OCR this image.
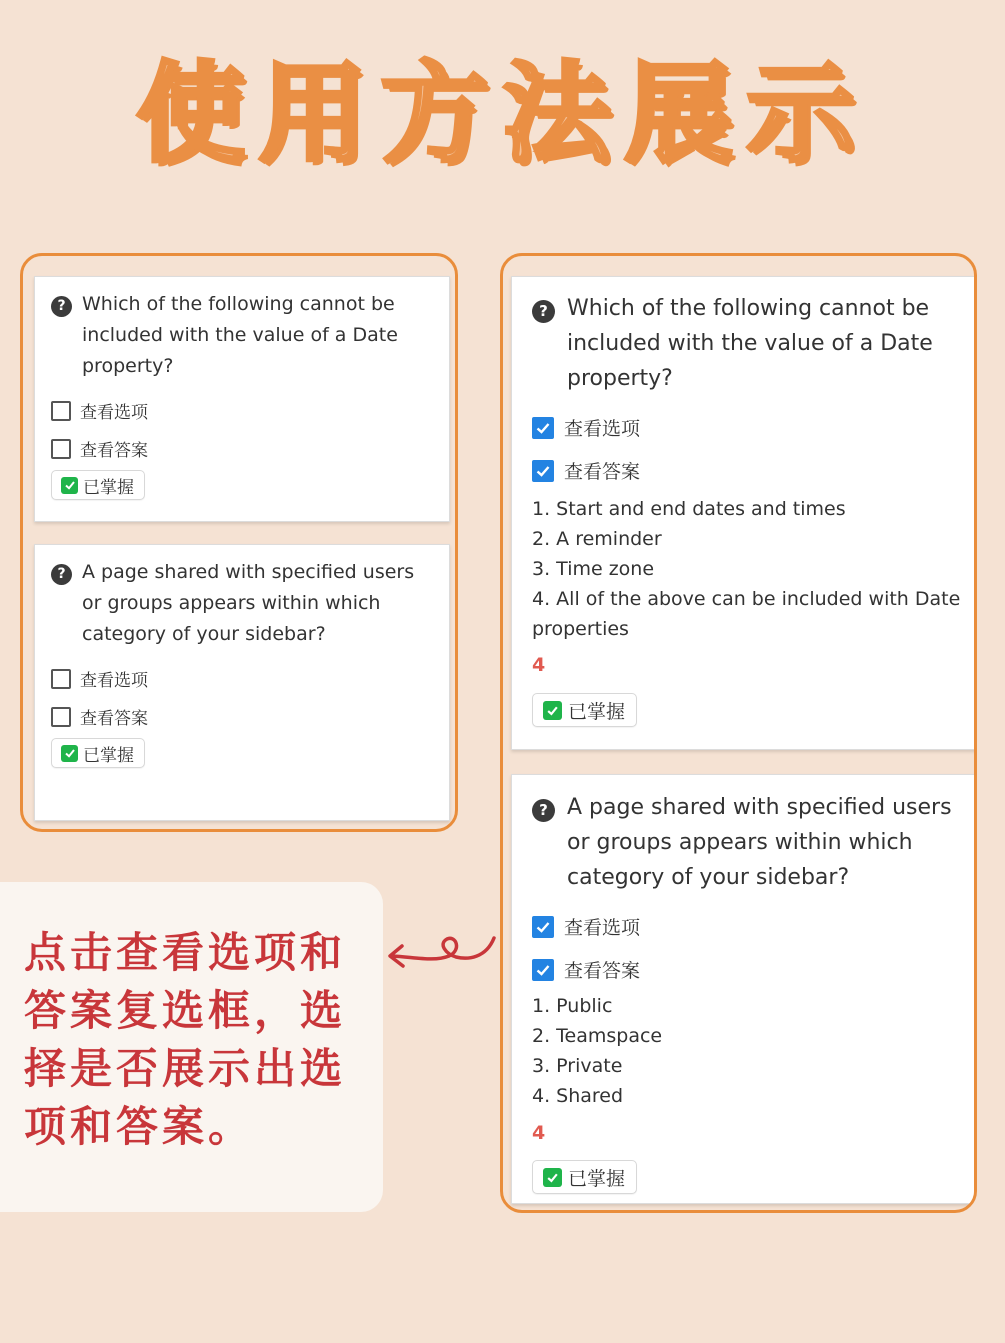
使用方法展示
? Which of the following cannot be included with the value of a Date property?
查看选项
查看答案
已掌握
? A page shared with specified users or groups appears within which category of your sidebar?
查看选项
查看答案
已掌握
点击查看选项和答案复选框，选择是否展示出选项和答案。
? Which of the following cannot be included with the value of a Date property?
查看选项
查看答案
1. Start and end dates and times
2. A reminder
3. Time zone
4. All of the above can be included with Date properties
4
已掌握
? A page shared with specified users or groups appears within which category of your sidebar?
查看选项
查看答案
1. Public
2. Teamspace
3. Private
4. Shared
4
已掌握
